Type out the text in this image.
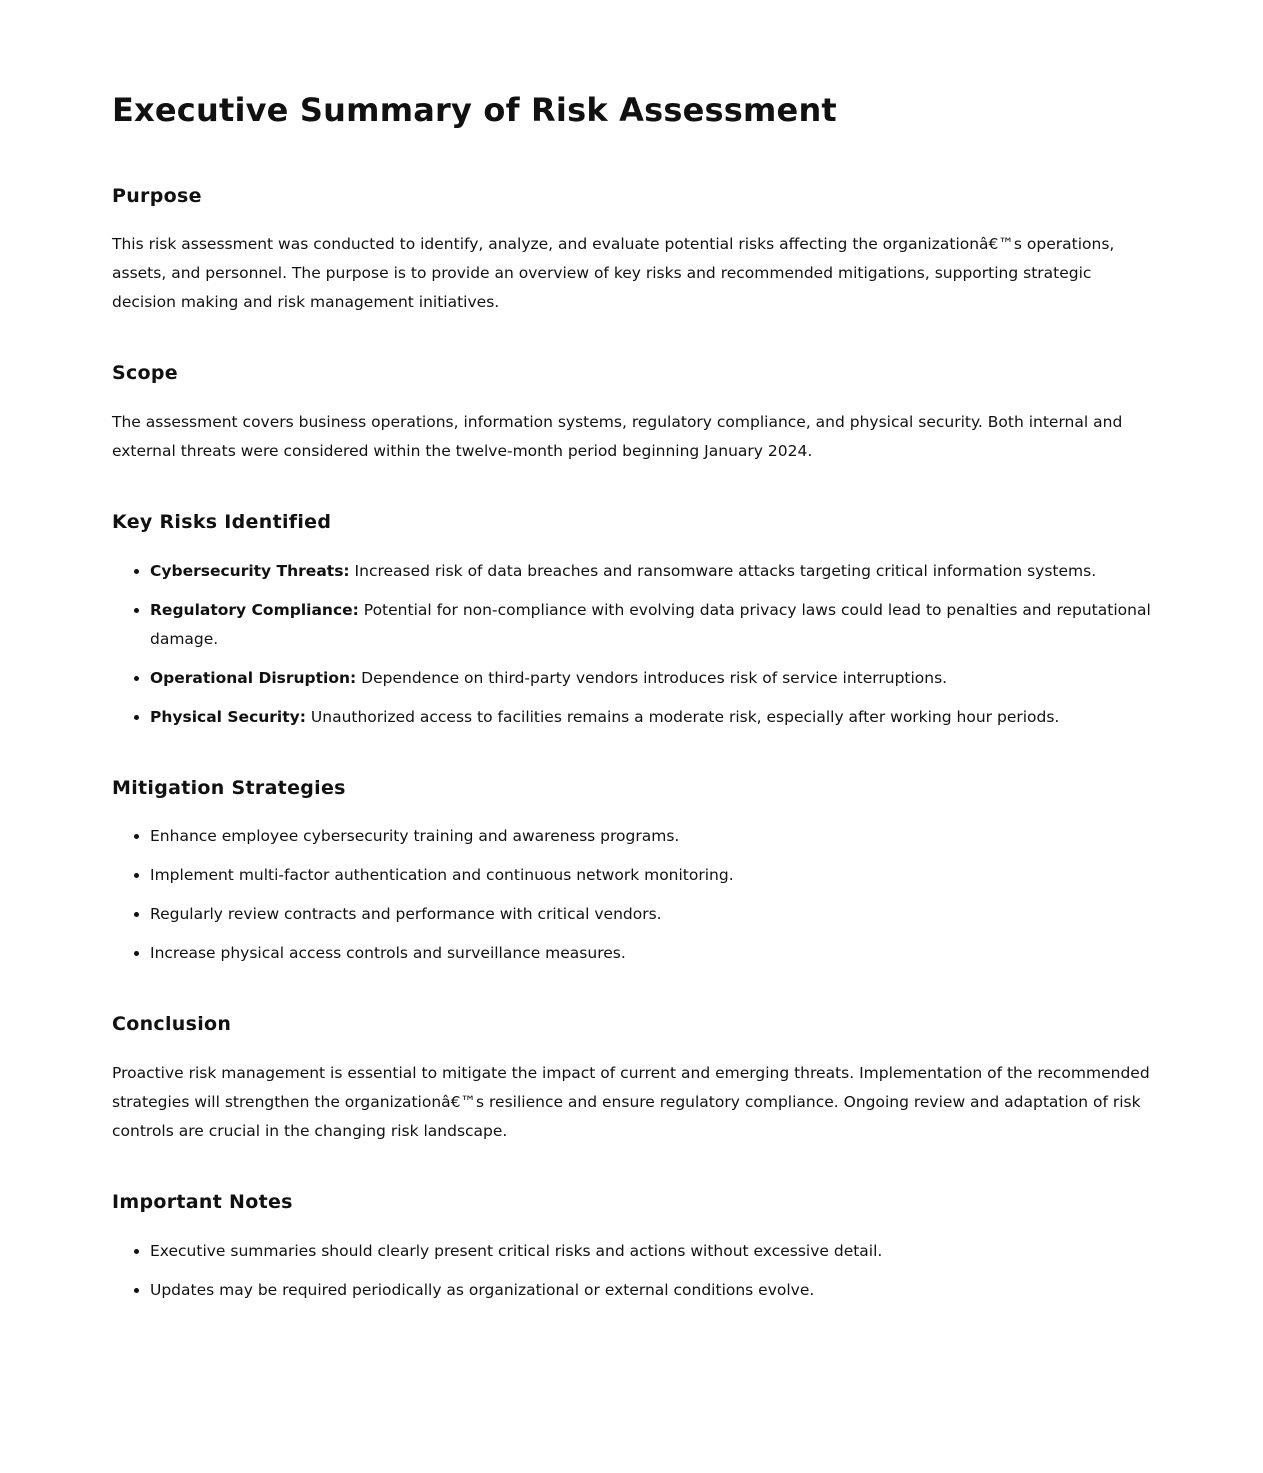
Executive Summary of Risk Assessment
Purpose

This risk assessment was conducted to identify, analyze, and evaluate potential risks affecting the organizationâ€™s operations, assets, and personnel. The purpose is to provide an overview of key risks and recommended mitigations, supporting strategic decision making and risk management initiatives.

Scope

The assessment covers business operations, information systems, regulatory compliance, and physical security. Both internal and external threats were considered within the twelve-month period beginning January 2024.

Key Risks Identified
• Cybersecurity Threats: Increased risk of data breaches and ransomware attacks targeting critical information systems.
• Regulatory Compliance: Potential for non-compliance with evolving data privacy laws could lead to penalties and reputational damage.
• Operational Disruption: Dependence on third-party vendors introduces risk of service interruptions.
• Physical Security: Unauthorized access to facilities remains a moderate risk, especially after working hour periods.
Mitigation Strategies
• Enhance employee cybersecurity training and awareness programs.
• Implement multi-factor authentication and continuous network monitoring.
• Regularly review contracts and performance with critical vendors.
• Increase physical access controls and surveillance measures.
Conclusion

Proactive risk management is essential to mitigate the impact of current and emerging threats. Implementation of the recommended strategies will strengthen the organizationâ€™s resilience and ensure regulatory compliance. Ongoing review and adaptation of risk controls are crucial in the changing risk landscape.

Important Notes
• Executive summaries should clearly present critical risks and actions without excessive detail.
• Updates may be required periodically as organizational or external conditions evolve.
